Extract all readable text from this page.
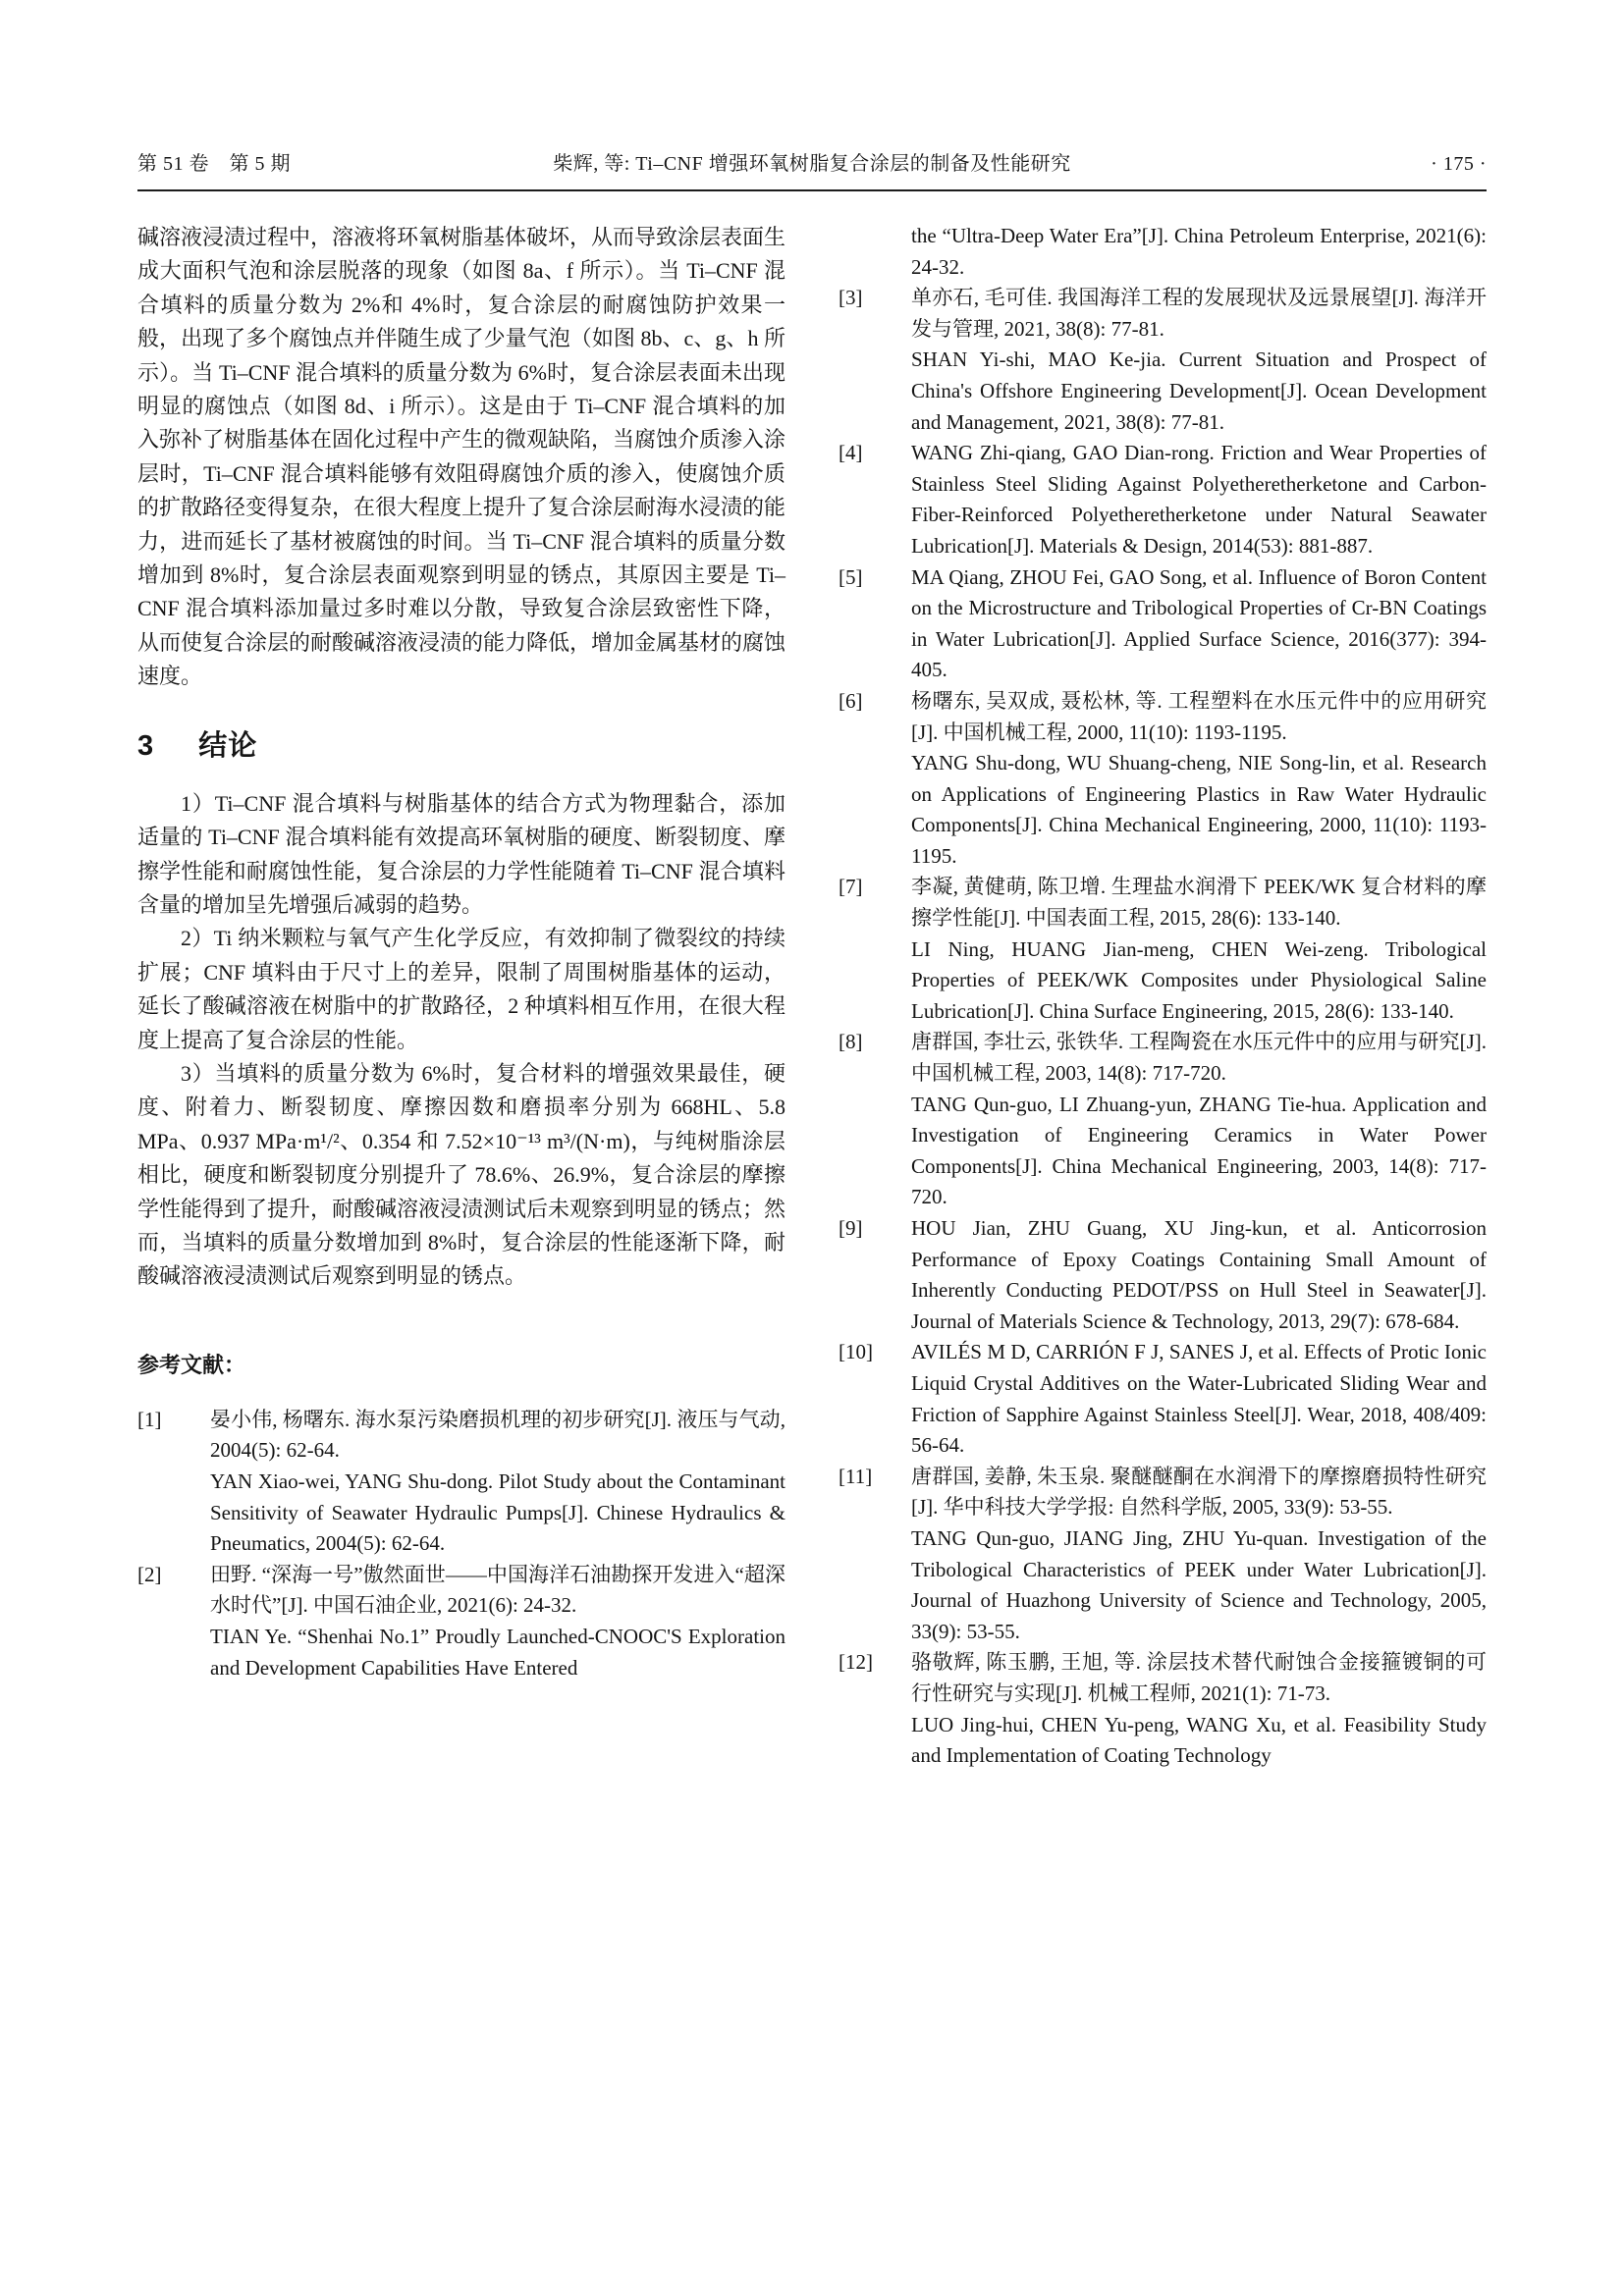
第 51 卷　第 5 期	柴辉, 等: Ti–CNF 增强环氧树脂复合涂层的制备及性能研究	· 175 ·

碱溶液浸渍过程中，溶液将环氧树脂基体破坏，从而导致涂层表面生成大面积气泡和涂层脱落的现象（如图 8a、f 所示）。当 Ti–CNF 混合填料的质量分数为 2%和 4%时，复合涂层的耐腐蚀防护效果一般，出现了多个腐蚀点并伴随生成了少量气泡（如图 8b、c、g、h 所示）。当 Ti–CNF 混合填料的质量分数为 6%时，复合涂层表面未出现明显的腐蚀点（如图 8d、i 所示）。这是由于 Ti–CNF 混合填料的加入弥补了树脂基体在固化过程中产生的微观缺陷，当腐蚀介质渗入涂层时，Ti–CNF 混合填料能够有效阻碍腐蚀介质的渗入，使腐蚀介质的扩散路径变得复杂，在很大程度上提升了复合涂层耐海水浸渍的能力，进而延长了基材被腐蚀的时间。当 Ti–CNF 混合填料的质量分数增加到 8%时，复合涂层表面观察到明显的锈点，其原因主要是 Ti–CNF 混合填料添加量过多时难以分散，导致复合涂层致密性下降，从而使复合涂层的耐酸碱溶液浸渍的能力降低，增加金属基材的腐蚀速度。

3 结论

1）Ti–CNF 混合填料与树脂基体的结合方式为物理黏合，添加适量的 Ti–CNF 混合填料能有效提高环氧树脂的硬度、断裂韧度、摩擦学性能和耐腐蚀性能，复合涂层的力学性能随着 Ti–CNF 混合填料含量的增加呈先增强后减弱的趋势。

2）Ti 纳米颗粒与氧气产生化学反应，有效抑制了微裂纹的持续扩展；CNF 填料由于尺寸上的差异，限制了周围树脂基体的运动，延长了酸碱溶液在树脂中的扩散路径，2 种填料相互作用，在很大程度上提高了复合涂层的性能。

3）当填料的质量分数为 6%时，复合材料的增强效果最佳，硬度、附着力、断裂韧度、摩擦因数和磨损率分别为 668HL、5.8 MPa、0.937 MPa·m¹/²、0.354 和 7.52×10⁻¹³ m³/(N·m)，与纯树脂涂层相比，硬度和断裂韧度分别提升了 78.6%、26.9%，复合涂层的摩擦学性能得到了提升，耐酸碱溶液浸渍测试后未观察到明显的锈点；然而，当填料的质量分数增加到 8%时，复合涂层的性能逐渐下降，耐酸碱溶液浸渍测试后观察到明显的锈点。

参考文献：
[1] 晏小伟, 杨曙东. 海水泵污染磨损机理的初步研究[J]. 液压与气动, 2004(5): 62-64.

YAN Xiao-wei, YANG Shu-dong. Pilot Study about the Contaminant Sensitivity of Seawater Hydraulic Pumps[J]. Chinese Hydraulics & Pneumatics, 2004(5): 62-64.

[2] 田野. “深海一号”傲然面世——中国海洋石油勘探开发进入“超深水时代”[J]. 中国石油企业, 2021(6): 24-32.

TIAN Ye. “Shenhai No.1” Proudly Launched-CNOOC'S Exploration and Development Capabilities Have Entered

the “Ultra-Deep Water Era”[J]. China Petroleum Enterprise, 2021(6): 24-32.

[3] 单亦石, 毛可佳. 我国海洋工程的发展现状及远景展望[J]. 海洋开发与管理, 2021, 38(8): 77-81.

SHAN Yi-shi, MAO Ke-jia. Current Situation and Prospect of China's Offshore Engineering Development[J]. Ocean Development and Management, 2021, 38(8): 77-81.

[4] WANG Zhi-qiang, GAO Dian-rong. Friction and Wear Properties of Stainless Steel Sliding Against Polyetheretherketone and Carbon-Fiber-Reinforced Polyetheretherketone under Natural Seawater Lubrication[J]. Materials & Design, 2014(53): 881-887.

[5] MA Qiang, ZHOU Fei, GAO Song, et al. Influence of Boron Content on the Microstructure and Tribological Properties of Cr-BN Coatings in Water Lubrication[J]. Applied Surface Science, 2016(377): 394-405.

[6] 杨曙东, 吴双成, 聂松林, 等. 工程塑料在水压元件中的应用研究[J]. 中国机械工程, 2000, 11(10): 1193-1195.

YANG Shu-dong, WU Shuang-cheng, NIE Song-lin, et al. Research on Applications of Engineering Plastics in Raw Water Hydraulic Components[J]. China Mechanical Engineering, 2000, 11(10): 1193-1195.

[7] 李凝, 黄健萌, 陈卫增. 生理盐水润滑下 PEEK/WK 复合材料的摩擦学性能[J]. 中国表面工程, 2015, 28(6): 133-140.

LI Ning, HUANG Jian-meng, CHEN Wei-zeng. Tribological Properties of PEEK/WK Composites under Physiological Saline Lubrication[J]. China Surface Engineering, 2015, 28(6): 133-140.

[8] 唐群国, 李壮云, 张铁华. 工程陶瓷在水压元件中的应用与研究[J]. 中国机械工程, 2003, 14(8): 717-720.

TANG Qun-guo, LI Zhuang-yun, ZHANG Tie-hua. Application and Investigation of Engineering Ceramics in Water Power Components[J]. China Mechanical Engineering, 2003, 14(8): 717-720.

[9] HOU Jian, ZHU Guang, XU Jing-kun, et al. Anticorrosion Performance of Epoxy Coatings Containing Small Amount of Inherently Conducting PEDOT/PSS on Hull Steel in Seawater[J]. Journal of Materials Science & Technology, 2013, 29(7): 678-684.

[10] AVILÉS M D, CARRIÓN F J, SANES J, et al. Effects of Protic Ionic Liquid Crystal Additives on the Water-Lubricated Sliding Wear and Friction of Sapphire Against Stainless Steel[J]. Wear, 2018, 408/409: 56-64.

[11] 唐群国, 姜静, 朱玉泉. 聚醚醚酮在水润滑下的摩擦磨损特性研究[J]. 华中科技大学学报: 自然科学版, 2005, 33(9): 53-55.

TANG Qun-guo, JIANG Jing, ZHU Yu-quan. Investigation of the Tribological Characteristics of PEEK under Water Lubrication[J]. Journal of Huazhong University of Science and Technology, 2005, 33(9): 53-55.

[12] 骆敬辉, 陈玉鹏, 王旭, 等. 涂层技术替代耐蚀合金接箍镀铜的可行性研究与实现[J]. 机械工程师, 2021(1): 71-73.

LUO Jing-hui, CHEN Yu-peng, WANG Xu, et al. Feasibility Study and Implementation of Coating Technology
